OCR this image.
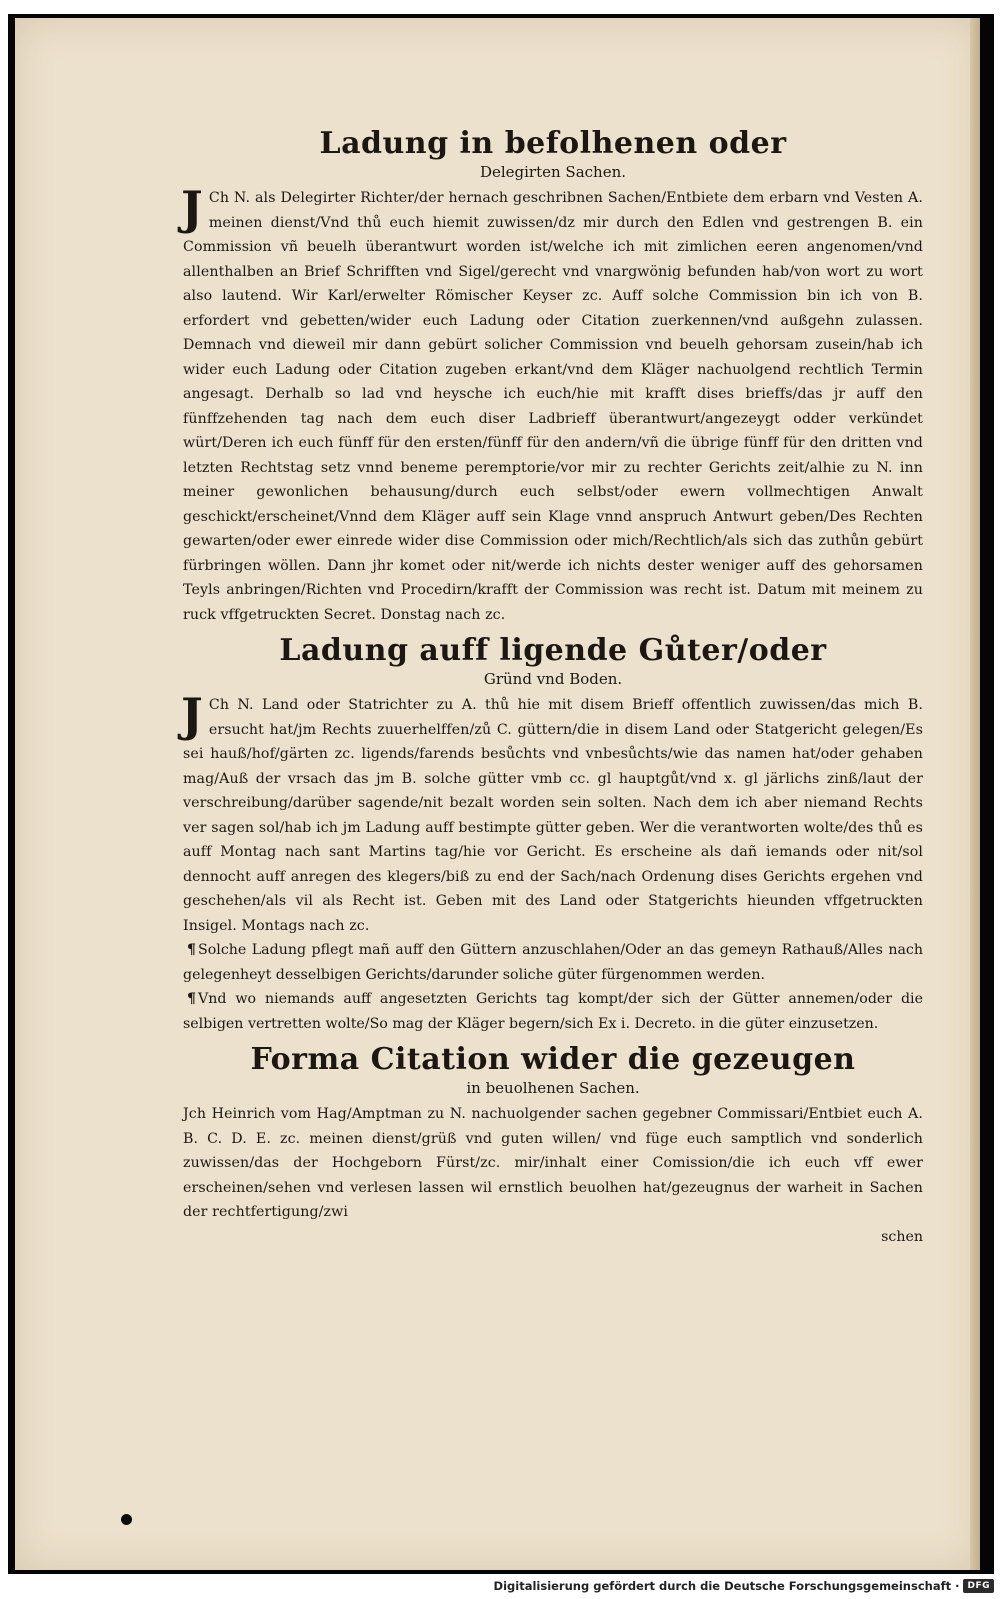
Ladung in befolhenen oder
Delegirten Sachen.

J Ch N. als Delegirter Richter/der hernach geschribnen Sachen/Entbiete dem erbarn vnd Vesten A. meinen dienst/Vnd thů euch hiemit zuwissen/dz mir durch den Edlen vnd gestrengen B. ein Commission vñ beuelh überantwurt worden ist/welche ich mit zimlichen eeren angenomen/vnd allenthalben an Brief Schrifften vnd Sigel/gerecht vnd vnargwönig befunden hab/von wort zu wort also lautend. Wir Karl/erwelter Römischer Keyser zc. Auff solche Commission bin ich von B. erfordert vnd gebetten/wider euch Ladung oder Citation zuerkennen/vnd außgehn zulassen. Demnach vnd dieweil mir dann gebürt solicher Commission vnd beuelh gehorsam zusein/hab ich wider euch Ladung oder Citation zugeben erkant/vnd dem Kläger nachuolgend rechtlich Termin angesagt. Derhalb so lad vnd heysche ich euch/hie mit krafft dises brieffs/das jr auff den fünffzehenden tag nach dem euch diser Ladbrieff überantwurt/angezeygt odder verkündet würt/Deren ich euch fünff für den ersten/fünff für den andern/vñ die übrige fünff für den dritten vnd letzten Rechtstag setz vnnd beneme peremptorie/vor mir zu rechter Gerichts zeit/alhie zu N. inn meiner gewonlichen behausung/durch euch selbst/oder ewern vollmechtigen Anwalt geschickt/erscheinet/Vnnd dem Kläger auff sein Klage vnnd anspruch Antwurt geben/Des Rechten gewarten/oder ewer einrede wider dise Commission oder mich/Rechtlich/als sich das zuthůn gebürt fürbringen wöllen. Dann jhr komet oder nit/werde ich nichts dester weniger auff des gehorsamen Teyls anbringen/Richten vnd Procedirn/krafft der Commission was recht ist. Datum mit meinem zu ruck vffgetruckten Secret. Donstag nach zc.

Ladung auff ligende Gůter/oder
Gründ vnd Boden.

J Ch N. Land oder Statrichter zu A. thů hie mit disem Brieff offentlich zuwissen/das mich B. ersucht hat/jm Rechts zuuerhelffen/zů C. güttern/die in disem Land oder Statgericht gelegen/Es sei hauß/hof/gärten zc. ligends/farends besůchts vnd vnbesůchts/wie das namen hat/oder gehaben mag/Auß der vrsach das jm B. solche gütter vmb cc. gl hauptgůt/vnd x. gl järlichs zinß/laut der verschreibung/darüber sagende/nit bezalt worden sein solten. Nach dem ich aber niemand Rechts ver sagen sol/hab ich jm Ladung auff bestimpte gütter geben. Wer die verantworten wolte/des thů es auff Montag nach sant Martins tag/hie vor Gericht. Es erscheine als dañ iemands oder nit/sol dennocht auff anregen des klegers/biß zu end der Sach/nach Ordenung dises Gerichts ergehen vnd geschehen/als vil als Recht ist. Geben mit des Land oder Statgerichts hieunden vffgetruckten Insigel. Montags nach zc.

¶ Solche Ladung pflegt mañ auff den Güttern anzuschlahen/Oder an das gemeyn Rathauß/Alles nach gelegenheyt desselbigen Gerichts/darunder soliche güter fürgenommen werden.

¶ Vnd wo niemands auff angesetzten Gerichts tag kompt/der sich der Gütter annemen/oder die selbigen vertretten wolte/So mag der Kläger begern/sich Ex i. Decreto. in die güter einzusetzen.

Forma Citation wider die gezeugen
in beuolhenen Sachen.

Jch Heinrich vom Hag/Amptman zu N. nachuolgender sachen gegebner Commissari/Entbiet euch A. B. C. D. E. zc. meinen dienst/grüß vnd guten willen/ vnd füge euch samptlich vnd sonderlich zuwissen/das der Hochgeborn Fürst/zc. mir/inhalt einer Comission/die ich euch vff ewer erscheinen/sehen vnd verlesen lassen wil ernstlich beuolhen hat/gezeugnus der warheit in Sachen der rechtfertigung/zwi

schen

Digitalisierung gefördert durch die Deutsche Forschungsgemeinschaft · DFG
